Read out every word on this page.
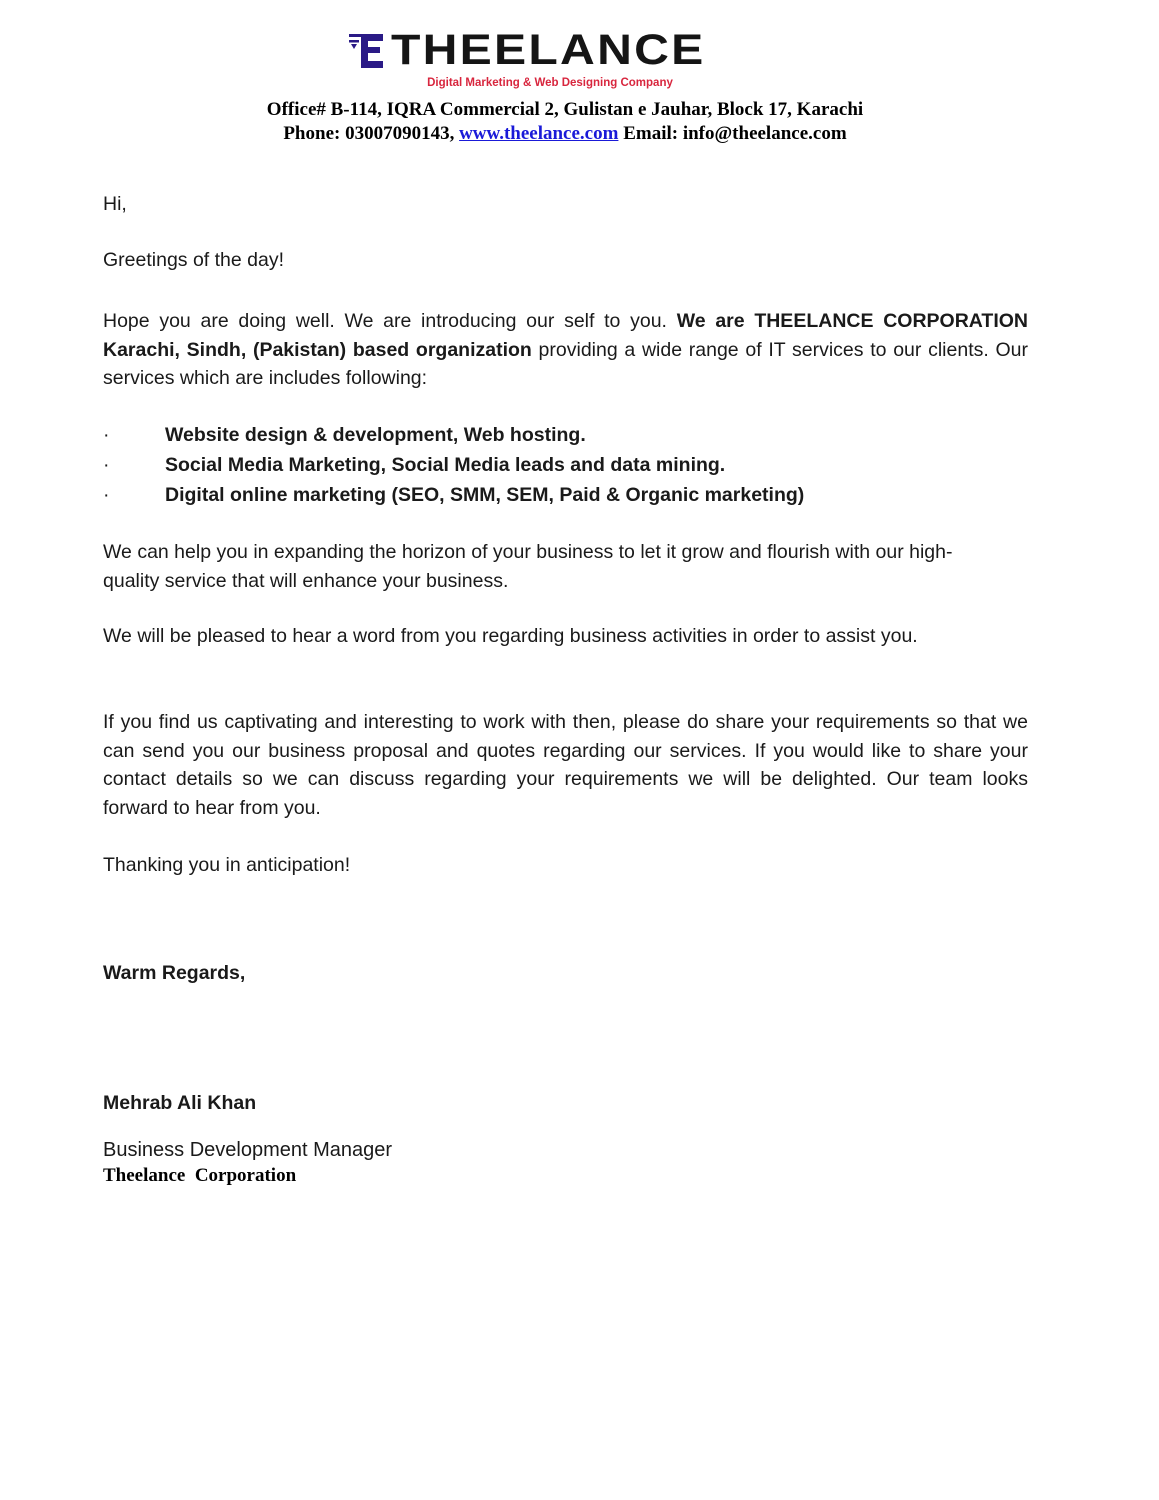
THEELANCE
Digital Marketing & Web Designing Company
Office# B-114, IQRA Commercial 2, Gulistan e Jauhar, Block 17, Karachi
Phone: 03007090143, www.theelance.com Email: info@theelance.com

Hi,

Greetings of the day!

Hope you are doing well. We are introducing our self to you. We are THEELANCE CORPORATION Karachi, Sindh, (Pakistan) based organization providing a wide range of IT services to our clients. Our services which are includes following:

·	Website design & development, Web hosting.
·	Social Media Marketing, Social Media leads and data mining.
·	Digital online marketing (SEO, SMM, SEM, Paid & Organic marketing)

We can help you in expanding the horizon of your business to let it grow and flourish with our high-quality service that will enhance your business.

We will be pleased to hear a word from you regarding business activities in order to assist you.

If you find us captivating and interesting to work with then, please do share your requirements so that we can send you our business proposal and quotes regarding our services. If you would like to share your contact details so we can discuss regarding your requirements we will be delighted. Our team looks forward to hear from you.

Thanking you in anticipation!

Warm Regards,

Mehrab Ali Khan

Business Development Manager
Theelance  Corporation
